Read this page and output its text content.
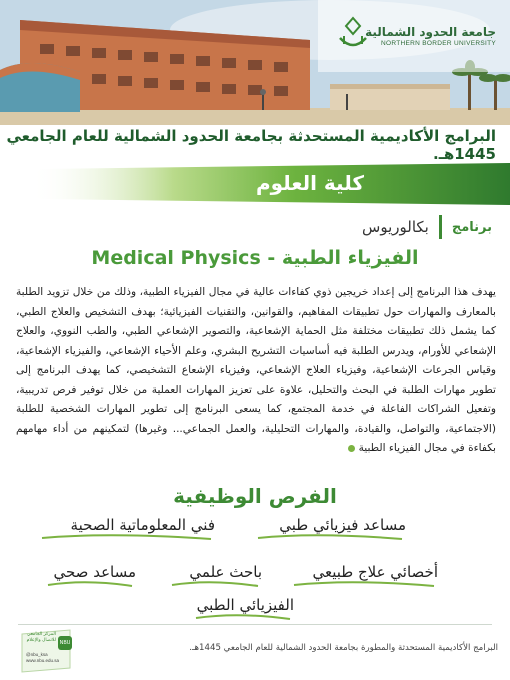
جامعة الحدود الشمالية
NORTHERN BORDER UNIVERSITY
البرامج الأكاديمية المستحدثة بجامعة الحدود الشمالية للعام الجامعي 1445هـ.
كلية العلوم
برنامج
بكالوريوس
الفيزياء الطبية - Medical Physics

يهدف هذا البرنامج إلى إعداد خريجين ذوي كفاءات عالية في مجال الفيزياء الطبية، وذلك من خلال تزويد الطلبة بالمعارف والمهارات حول تطبيقات المفاهيم، والقوانين، والتقنيات الفيزيائية؛ بهدف التشخيص والعلاج الطبي، كما يشمل ذلك تطبيقات مختلفة مثل الحماية الإشعاعية، والتصوير الإشعاعي الطبي، والطب النووي، والعلاج الإشعاعي للأورام، ويدرس الطلبة فيه أساسيات التشريح البشري، وعلم الأحياء الإشعاعي، والفيزياء الإشعاعية، وقياس الجرعات الإشعاعية، وفيزياء العلاج الإشعاعي، وفيزياء الإشعاع التشخيصي، كما يهدف البرنامج إلى تطوير مهارات الطلبة في البحث والتحليل، علاوة على تعزيز المهارات العملية من خلال توفير فرص تدريبية، وتفعيل الشراكات الفاعلة في خدمة المجتمع، كما يسعى البرنامج إلى تطوير المهارات الشخصية للطلبة (الاجتماعية، والتواصل، والقيادة، والمهارات التحليلية، والعمل الجماعي... وغيرها) لتمكينهم من أداء مهامهم بكفاءة في مجال الفيزياء الطبية

الفرص الوظيفية
مساعد فيزيائي طبي
فني المعلوماتية الصحية
أخصائي علاج طبيعي
باحث علمي
مساعد صحي
الفيزيائي الطبي
المركز الجامعي للاتصال والإعلام NBU
@nbu_ksa
www.nbu.edu.sa
البرامج الأكاديمية المستحدثة والمطورة بجامعة الحدود الشمالية للعام الجامعي 1445هـ.
